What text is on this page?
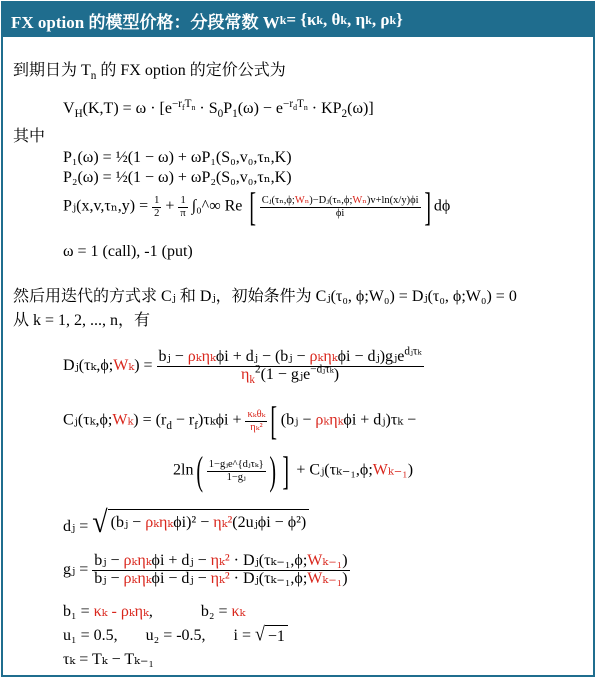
FX option 的模型价格：分段常数 W k = {κ k , θ k , η k , ρ k }
到期日为 $T_n$ 的 FX option 的定价公式为
$V_H(K,T) = \omega \cdot [e^{-r_fT_n} \cdot S_0P_1(\omega) - e^{-r_dT_n} \cdot KP_2(\omega)]$
其中
P₁(ω) = ½(1 − ω) + ωP₁(S₀,v₀,τₙ,K)
P₂(ω) = ½(1 − ω) + ωP₂(S₀,v₀,τₙ,K)
Pⱼ(x,v,τₙ,y) = $\frac{1}{2} + \frac{1}{\pi}$ ∫₀^∞ Re [ $\frac{\text{Cⱼ(τₙ,ϕ;Wₙ)−Dⱼ(τₙ,ϕ;Wₙ)v+ln(x/y)ϕi}}{\phi i}$ ] dϕ
ω = 1 (call), -1 (put)
然后用迭代的方式求 Cⱼ 和 Dⱼ，初始条件为 Cⱼ(τ₀, ϕ;W₀) = Dⱼ(τ₀, ϕ;W₀) = 0
从 k = 1, 2, ..., n，有
Dⱼ(τₖ,ϕ;Wₖ) = $\frac{bⱼ - \rho_k\eta_k\phi i + dⱼ - (bⱼ - \rho_k\eta_k\phi i - dⱼ)gⱼe^{dⱼ\tau_k}}{\eta_k^2(1 - gⱼe^{-dⱼ\tau_k})}$
Cⱼ(τₖ,ϕ;Wₖ) = $(r_d - r_f)\tau_k\phi i + \frac{\text{κₖθₖ}}{\text{ηₖ²}}$ [ (bⱼ − ρₖηₖϕi + dⱼ)τₖ −
$2\ln( \frac{\text{1−gⱼe\textasciicircum{}\{dⱼτₖ\}}}{\text{1−gⱼ}}$ ) ] + Cⱼ(τₖ₋₁,ϕ;Wₖ₋₁)
dⱼ = √ (bⱼ − ρₖηₖϕi)² − ηₖ²(2uⱼϕi − ϕ²)
gⱼ = $\frac{\text{bⱼ − ρₖηₖϕi + dⱼ − ηₖ² · Dⱼ(τₖ₋₁,ϕ;Wₖ₋₁)}}{\text{bⱼ − ρₖηₖϕi − dⱼ − ηₖ² · Dⱼ(τₖ₋₁,ϕ;Wₖ₋₁)}}$
b₁ = κₖ - ρₖηₖ,	b₂ = κₖ
u₁ = 0.5, u₂ = -0.5, i = √ −1
τₖ = Tₖ − Tₖ₋₁
